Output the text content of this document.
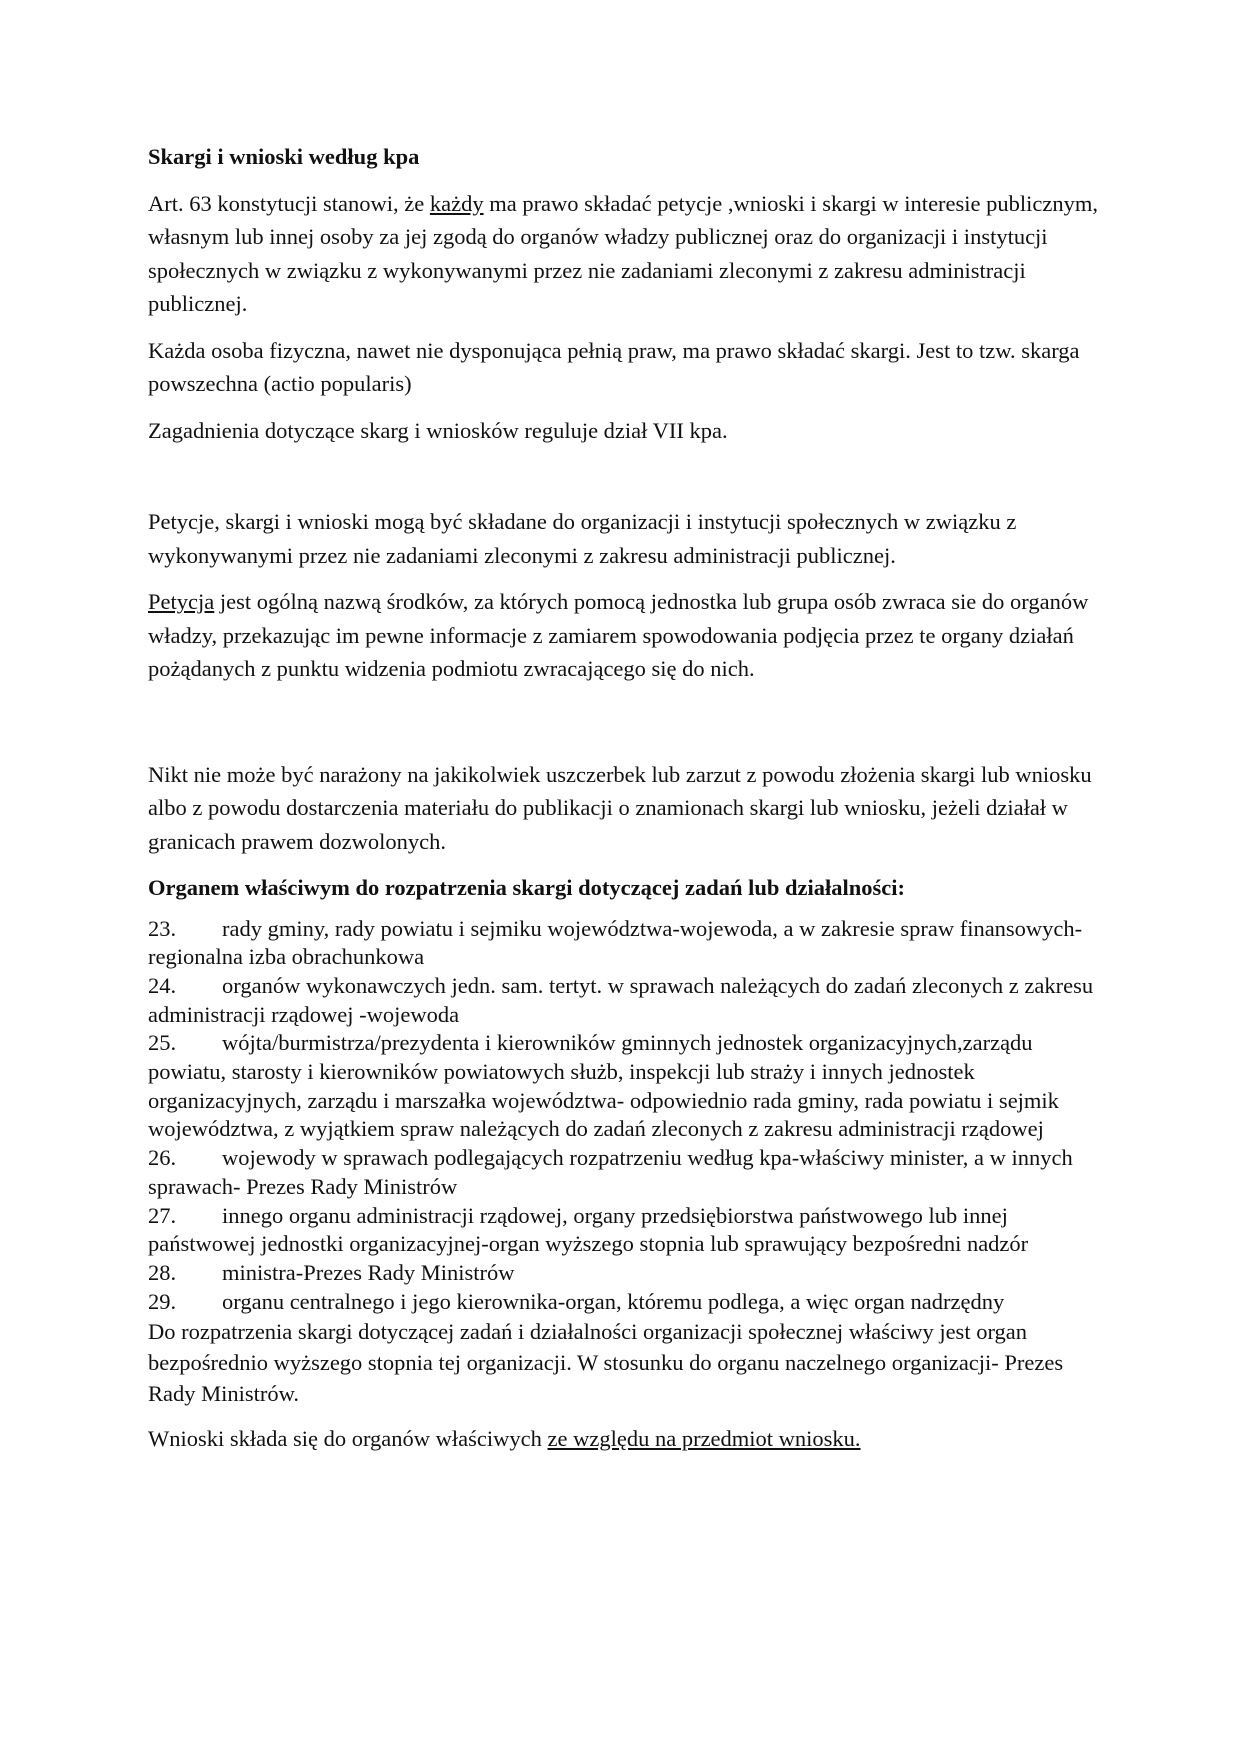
Skargi i wnioski według kpa

Art. 63 konstytucji stanowi, że każdy ma prawo składać petycje ,wnioski i skargi w interesie publicznym, własnym lub innej osoby za jej zgodą do organów władzy publicznej oraz do organizacji i instytucji społecznych w związku z wykonywanymi przez nie zadaniami zleconymi z zakresu administracji publicznej.

Każda osoba fizyczna, nawet nie dysponująca pełnią praw, ma prawo składać skargi. Jest to tzw. skarga powszechna (actio popularis)

Zagadnienia dotyczące skarg i wniosków reguluje dział VII kpa.

Petycje, skargi i wnioski mogą być składane do organizacji i instytucji społecznych w związku z wykonywanymi przez nie zadaniami zleconymi z zakresu administracji publicznej.

Petycja jest ogólną nazwą środków, za których pomocą jednostka lub grupa osób zwraca sie do organów władzy, przekazując im pewne informacje z zamiarem spowodowania podjęcia przez te organy działań pożądanych z punktu widzenia podmiotu zwracającego się do nich.

Nikt nie może być narażony na jakikolwiek uszczerbek lub zarzut z powodu złożenia skargi lub wniosku albo z powodu dostarczenia materiału do publikacji o znamionach skargi lub wniosku, jeżeli działał w granicach prawem dozwolonych.

Organem właściwym do rozpatrzenia skargi dotyczącej zadań lub działalności:

23. rady gminy, rady powiatu i sejmiku województwa-wojewoda, a w zakresie spraw finansowych-regionalna izba obrachunkowa
24. organów wykonawczych jedn. sam. tertyt. w sprawach należących do zadań zleconych z zakresu administracji rządowej -wojewoda
25. wójta/burmistrza/prezydenta i kierowników gminnych jednostek organizacyjnych,zarządu powiatu, starosty i kierowników powiatowych służb, inspekcji lub straży i innych jednostek organizacyjnych, zarządu i marszałka województwa- odpowiednio rada gminy, rada powiatu i sejmik województwa, z wyjątkiem spraw należących do zadań zleconych z zakresu administracji rządowej
26. wojewody w sprawach podlegających rozpatrzeniu według kpa-właściwy minister, a w innych sprawach- Prezes Rady Ministrów
27. innego organu administracji rządowej, organy przedsiębiorstwa państwowego lub innej państwowej jednostki organizacyjnej-organ wyższego stopnia lub sprawujący bezpośredni nadzór
28. ministra-Prezes Rady Ministrów
29. organu centralnego i jego kierownika-organ, któremu podlega, a więc organ nadrzędny

Do rozpatrzenia skargi dotyczącej zadań i działalności organizacji społecznej właściwy jest organ bezpośrednio wyższego stopnia tej organizacji. W stosunku do organu naczelnego organizacji- Prezes Rady Ministrów.

Wnioski składa się do organów właściwych ze względu na przedmiot wniosku.
